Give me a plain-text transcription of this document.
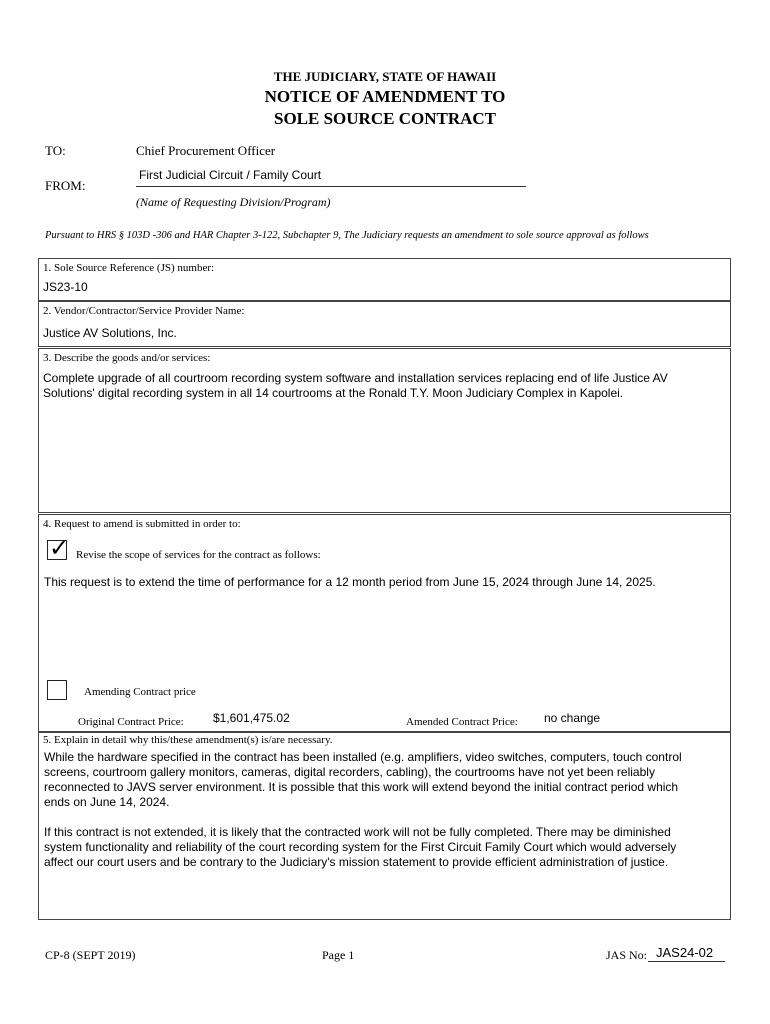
THE JUDICIARY, STATE OF HAWAII
NOTICE OF AMENDMENT TO
SOLE SOURCE CONTRACT
TO:	Chief Procurement Officer
FROM:
First Judicial Circuit / Family Court
(Name of Requesting Division/Program)
Pursuant to HRS § 103D -306 and HAR Chapter 3-122, Subchapter 9, The Judiciary requests an amendment to sole source approval as follows
1. Sole Source Reference (JS) number:
JS23-10
2. Vendor/Contractor/Service Provider Name:
Justice AV Solutions, Inc.
3. Describe the goods and/or services:
Complete upgrade of all courtroom recording system software and installation services replacing end of life Justice AV
Solutions' digital recording system in all 14 courtrooms at the Ronald T.Y. Moon Judiciary Complex in Kapolei.
4. Request to amend is submitted in order to:
✓ Revise the scope of services for the contract as follows:
This request is to extend the time of performance for a 12 month period from June 15, 2024 through June 14, 2025.
Amending Contract price
Original Contract Price: $1,601,475.02	Amended Contract Price: no change
5. Explain in detail why this/these amendment(s) is/are necessary.
While the hardware specified in the contract has been installed (e.g. amplifiers, video switches, computers, touch control
screens, courtroom gallery monitors, cameras, digital recorders, cabling), the courtrooms have not yet been reliably
reconnected to JAVS server environment. It is possible that this work will extend beyond the initial contract period which
ends on June 14, 2024.
If this contract is not extended, it is likely that the contracted work will not be fully completed. There may be diminished
system functionality and reliability of the court recording system for the First Circuit Family Court which would adversely
affect our court users and be contrary to the Judiciary's mission statement to provide efficient administration of justice.
CP-8 (SEPT 2019)	Page 1	JAS No: JAS24-02
